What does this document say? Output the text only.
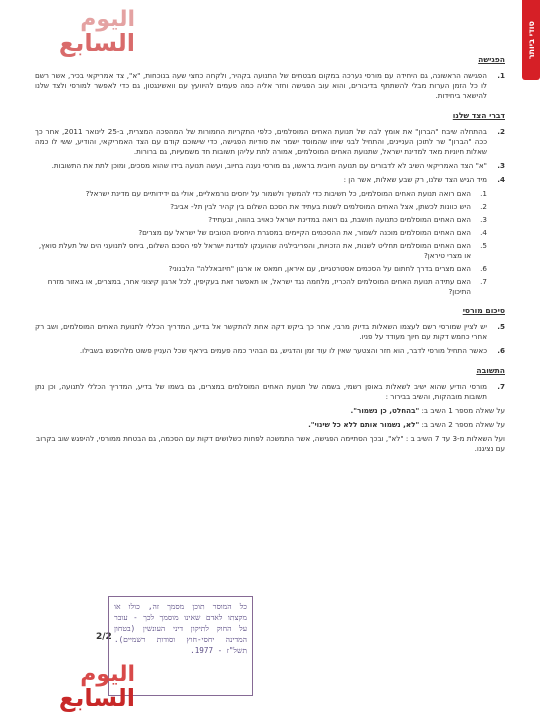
סודי ביותר
اليوم
السابع
הפגישה
1.
הפגישה הראשונה, גם היחידה עם מורסי נערכה במקום מבטחים של התנועה בקהיר, ולקחה כחצי שעה בנוכחות, "א", צד אמריקאי בכיר, אשר רשם לו כל הזמן הערות מבלי להשתתף בדיבורים, והוא עוב הפגישה וחזר אליה כמה פעמים להיוועץ עם וואשינגטון, גם כדי לאפשר למורסי ולצד שלנו להישאר ביחידות.
דברי הצד שלנו
2.
בהתחלה שיבח "הברון" את אומץ לבה של תנועת האחים המוסלמים, כלפי התקריות החמורות של המהפכה המצרית, ב-25 לינואר 2011, אחר כך ככה "הברון" שר לתוכן העניינים, והתחיל לבני שיחו שהמוסד ישמר את סודיות הפגישה, כדי שישוכם קודם עם הצד האמריקאי, והודיע, ששי לו כמה שאלות חיוניות מאד למדינת ישראל, שתנועת האחים המוסלמים, אמורה לתת עליהן תשובות חד משמעיות, גם ברורות.
3.
"א" הצד האמריקאי השיב לא לדבורים עם תנועה חיובית בראשו, גם מורסי נענה בחיוב, ועשה תנועה בידו שהוא מסכים, ומוכן לתת את התשובות.
4.
מיד הגיש הצד שלנו, רק שבע שאלות, אשר הן :
1.
האם רואה תנועת האחים המוסלמים, כל חשיבות כדי להמשיך ולשמור על יחסים נורמאליים, אולי גם ידידותיים עם מדינת ישראל?
2.
היש כוונות לכשתן, אצל האחים המוסלמים לשנות בעתיד את הסכם השלום בין קהיר לבין תל- אביב?
3.
האם האחים המוסלמים כתנועה חושבת, גם רואה במדינת ישראל כאויב בהווה, ובעתיד?
4.
האם האחים המוסלמים מוכנה לשמור, את ההסכמים הקיימים במסגרת היחסים הטובים של ישראל עם מצרים?
5.
האם האחים המוסלמים תחליט לשנות, את הזכויות, והפריבילגיה שהוענקו למדינת ישראל לפי הסכם השלום, ביחס לתנועני הים של תעלת סואץ, או מצרי טיראן?
6.
האם מצרים בדרך לחתום על הסכמים אסטרטגיים, עם איראן, חמאס או ארגון "חיזבאללה" הלבנוני?
7.
האם עתידה תנועת האחים המוסלמים להכריז, מלחמה נגד ישראל, או תאפשר זאת בעקיפין, לכל ארגון קיצוני אחר, במצרים, או באזור מזרח התיכון?
סיכום מורסי
5.
יש לציין שמורסי רשם לעצמו השאלות בדיוק מרבי, אחר כך ביקש דקה אחת להתקשר אל בדיע, המדריך הכללי לתנועת האחים המוסלמים, ושב רק אחרי כחמש דקות עם חיוך מעודד על פניו.
6.
כאשר התחיל מורסי לדבר, הוא חזר והצטער שאין לו עוד זמן והדגיש, גם הבהיר כמה פעמים ביראף שכל העניין פשוט מלהיפגש בשבילו.
התשובה
7.
מורסי הודיע שהוא ישיב לשאלות באופן רשמי, בשמה של תנועת האחים המוסלמים במצרים, גם בשמו של בדיע, המדריך הכללי לתנועה, וכן נתן תשובות מובהקות, והשיב בבירור :
על שאלה מספר 1 השיב ב: "בהחלט, כן נשמור".
על שאלה מספר 2 השיב ב: "לא, נשמור אותם ללא כל שינוי".
ועל השאלות מ-3 עד 7 השיב ב : "לא", ובכך הסתיימה הפגישה, אשר התמשכה לפחות כשלושים דקות עם הסכמה, גם הבטחת ממורסי, להיפגש שוב בקרוב עם נציגנו.
2/2
כל המוסר תוכן מסמך זה, כולו או מקצתו לאדם שאינו מוסמך לכך - עובר על החוק לתיקון דיני העונשין (בטחון המדינה יחסי-חוץ וסודות רשמיים). תשל"ז - 1977.
اليوم
السابع
